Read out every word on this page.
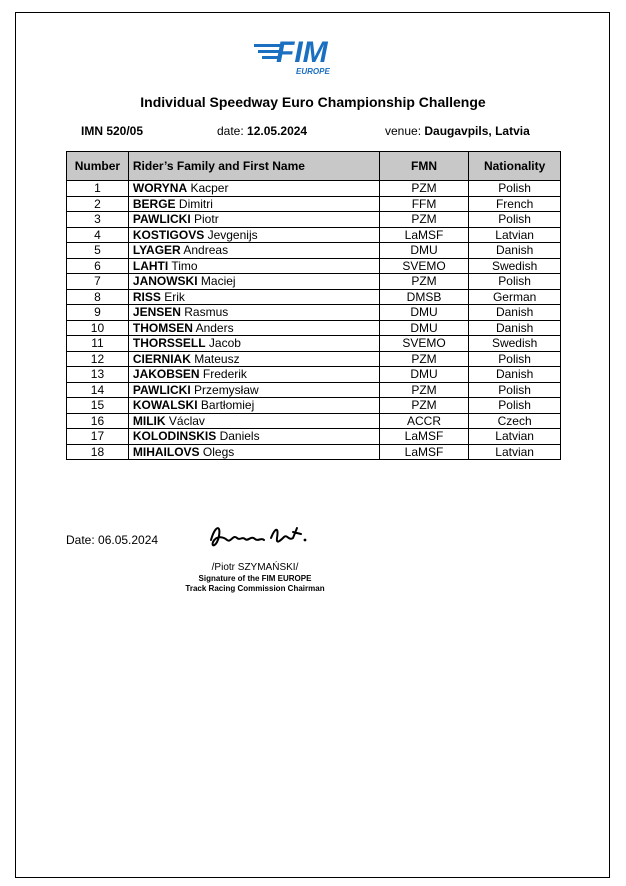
FIM
EUROPE
Individual Speedway Euro Championship Challenge
IMN 520/05	date: 12.05.2024	venue: Daugavpils, Latvia
Number	Rider’s Family and First Name	FMN	Nationality
1	WORYNA Kacper	PZM	Polish
2	BERGE Dimitri	FFM	French
3	PAWLICKI Piotr	PZM	Polish
4	KOSTIGOVS Jevgenijs	LaMSF	Latvian
5	LYAGER Andreas	DMU	Danish
6	LAHTI Timo	SVEMO	Swedish
7	JANOWSKI Maciej	PZM	Polish
8	RISS Erik	DMSB	German
9	JENSEN Rasmus	DMU	Danish
10	THOMSEN Anders	DMU	Danish
11	THORSSELL Jacob	SVEMO	Swedish
12	CIERNIAK Mateusz	PZM	Polish
13	JAKOBSEN Frederik	DMU	Danish
14	PAWLICKI Przemysław	PZM	Polish
15	KOWALSKI Bartłomiej	PZM	Polish
16	MILIK Václav	ACCR	Czech
17	KOLODINSKIS Daniels	LaMSF	Latvian
18	MIHAILOVS Olegs	LaMSF	Latvian
Date: 06.05.2024
/Piotr SZYMAŃSKI/
Signature of the FIM EUROPE
Track Racing Commission Chairman
